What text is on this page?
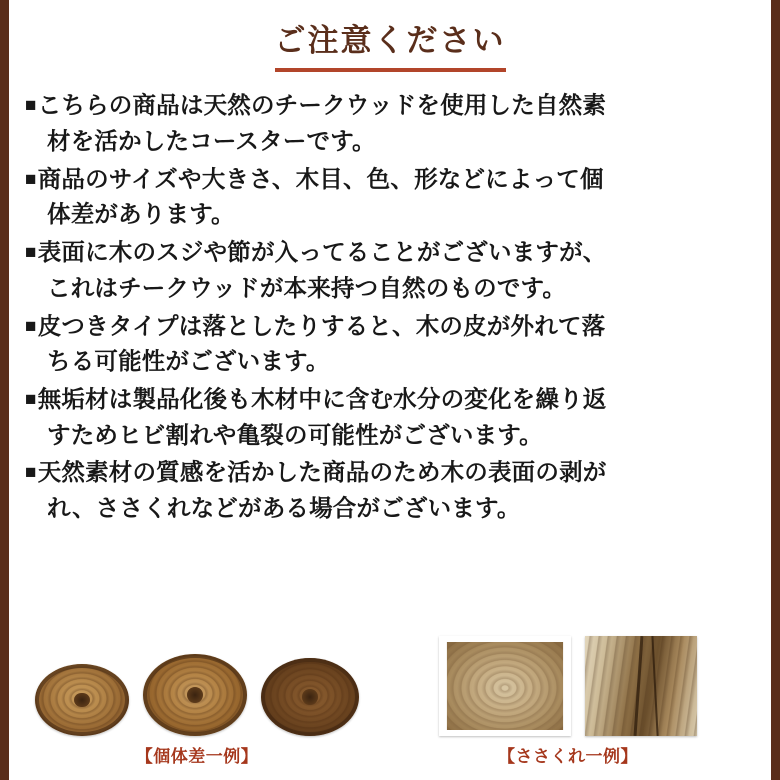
ご注意ください
■こちらの商品は天然のチークウッドを使用した自然素
材を活かしたコースターです。
■商品のサイズや大きさ、木目、色、形などによって個
体差があります。
■表面に木のスジや節が入ってることがございますが、
これはチークウッドが本来持つ自然のものです。
■皮つきタイプは落としたりすると、木の皮が外れて落
ちる可能性がございます。
■無垢材は製品化後も木材中に含む水分の変化を繰り返
すためヒビ割れや亀裂の可能性がございます。
■天然素材の質感を活かした商品のため木の表面の剥が
れ、ささくれなどがある場合がございます。
【個体差一例】	【ささくれ一例】
